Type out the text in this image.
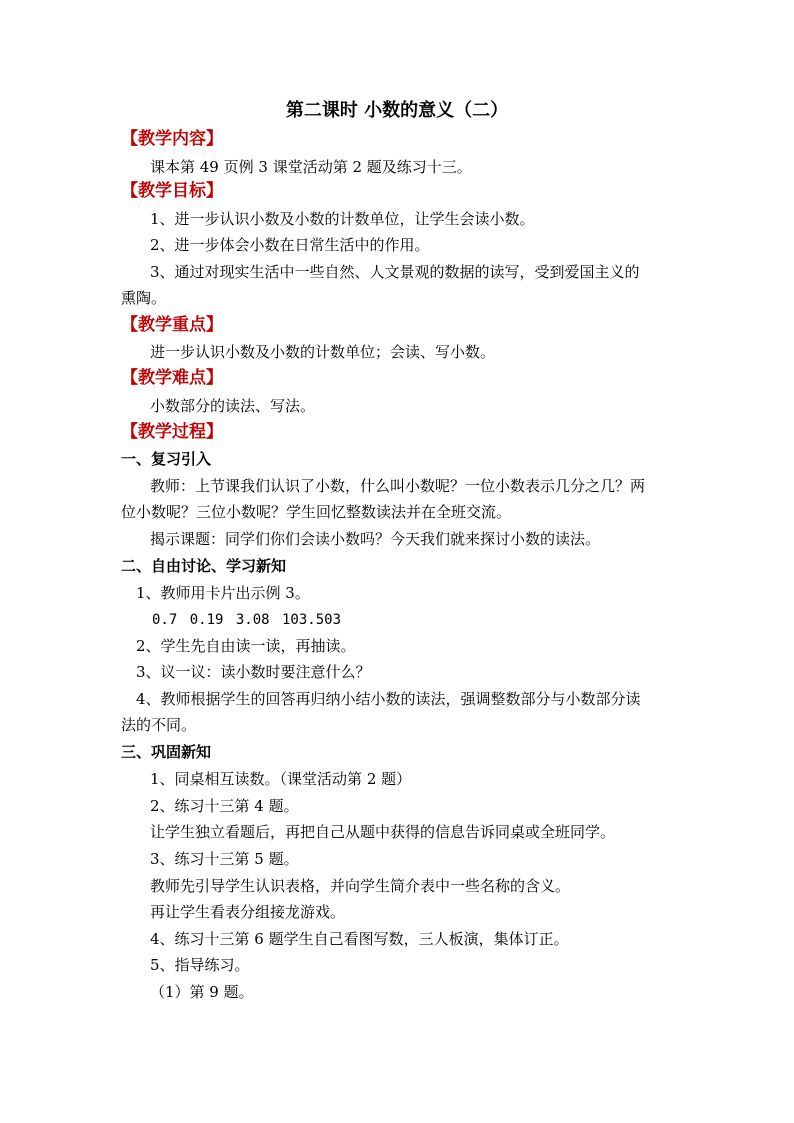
第二课时 小数的意义（二）
【教学内容】
课本第 49 页例 3 课堂活动第 2 题及练习十三。
【教学目标】
1、进一步认识小数及小数的计数单位，让学生会读小数。
2、进一步体会小数在日常生活中的作用。
3、通过对现实生活中一些自然、人文景观的数据的读写，受到爱国主义的
熏陶。
【教学重点】
进一步认识小数及小数的计数单位；会读、写小数。
【教学难点】
小数部分的读法、写法。
【教学过程】
一、复习引入
教师：上节课我们认识了小数，什么叫小数呢？一位小数表示几分之几？两
位小数呢？三位小数呢？学生回忆整数读法并在全班交流。
揭示课题：同学们你们会读小数吗？今天我们就来探讨小数的读法。
二、自由讨论、学习新知
1、教师用卡片出示例 3。
0.7 0.19 3.08 103.503
2、学生先自由读一读，再抽读。
3、议一议：读小数时要注意什么？
4、教师根据学生的回答再归纳小结小数的读法，强调整数部分与小数部分读
法的不同。
三、巩固新知
1、同桌相互读数。（课堂活动第 2 题）
2、练习十三第 4 题。
让学生独立看题后，再把自己从题中获得的信息告诉同桌或全班同学。
3、练习十三第 5 题。
教师先引导学生认识表格，并向学生简介表中一些名称的含义。
再让学生看表分组接龙游戏。
4、练习十三第 6 题学生自己看图写数，三人板演，集体订正。
5、指导练习。
（1）第 9 题。
